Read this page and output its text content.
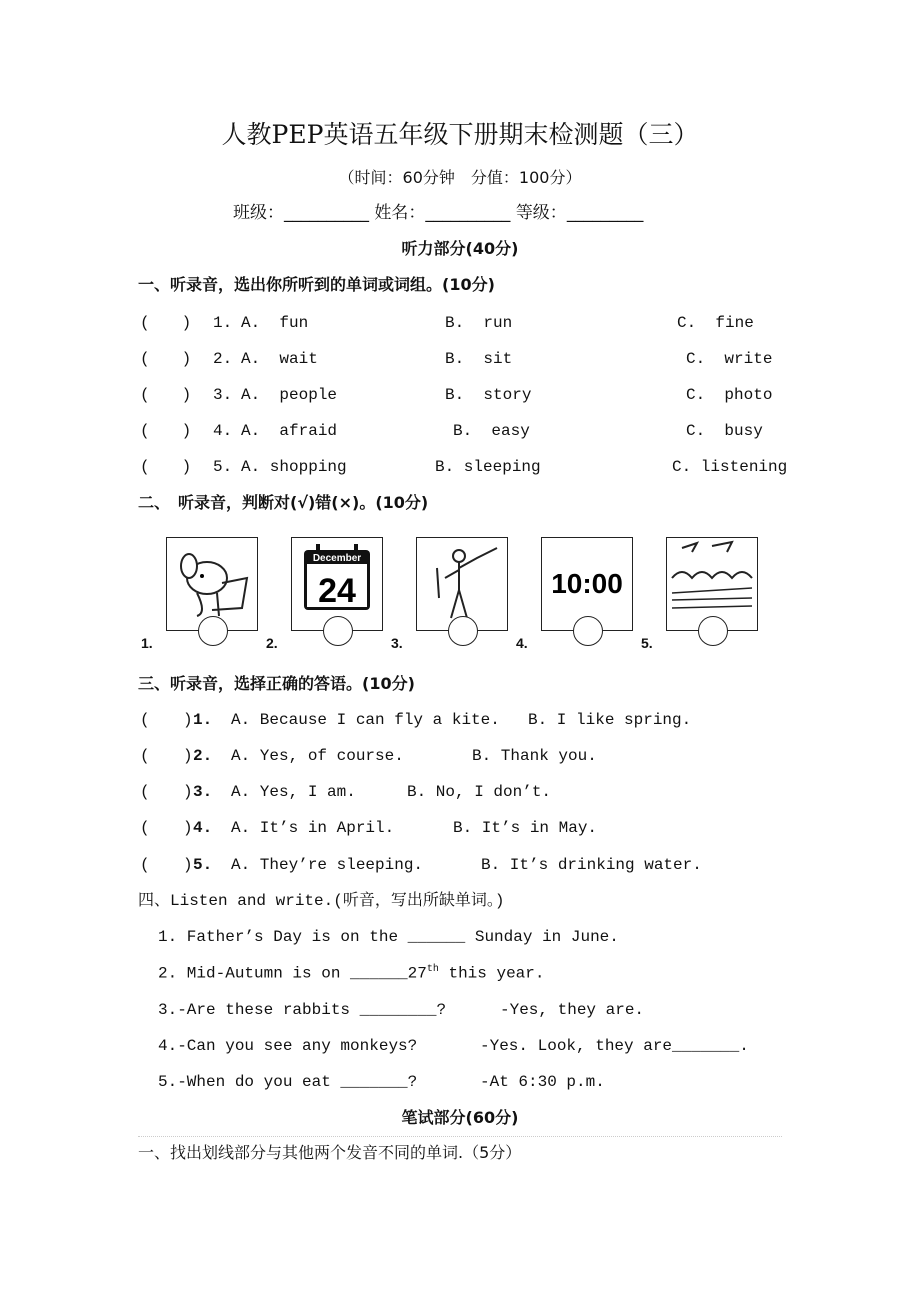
人教PEP英语五年级下册期末检测题（三）
（时间：60分钟　分值：100分）
班级：__________ 姓名：__________ 等级：_________
听力部分(40分)
一、听录音，选出你所听到的单词或词组。(10分)
(　　) 1. A.  fun	B.  run	C.  fine
(　　) 2. A.  wait	B.  sit	C.  write
(　　) 3. A.  people	B.  story	C.  photo
(　　) 4. A.  afraid	B.  easy	C.  busy
(　　) 5. A. shopping	B. sleeping	C. listening
二、　听录音，判断对(√)错(×)。(10分)
December
24	10:00
1.	2.	3.	4.	5.
三、听录音，选择正确的答语。(10分)
( ) 1. A. Because I can fly a kite. B. I like spring.
( ) 2. A. Yes, of course.	B. Thank you.
( ) 3. A. Yes, I am.	B. No, I don’t.
( ) 4. A. It’s in April.	B. It’s in May.
( ) 5. A. They’re sleeping.	B. It’s drinking water.
四、Listen and write.(听音，写出所缺单词。)
1. Father’s Day is on the ______ Sunday in June.
2. Mid-Autumn is on ______27th this year.
3.-Are these rabbits ________?	-Yes, they are.
4.-Can you see any monkeys?	-Yes. Look, they are_______.
5.-When do you eat _______?	-At 6:30 p.m.
笔试部分(60分)
一、找出划线部分与其他两个发音不同的单词.（5分）
